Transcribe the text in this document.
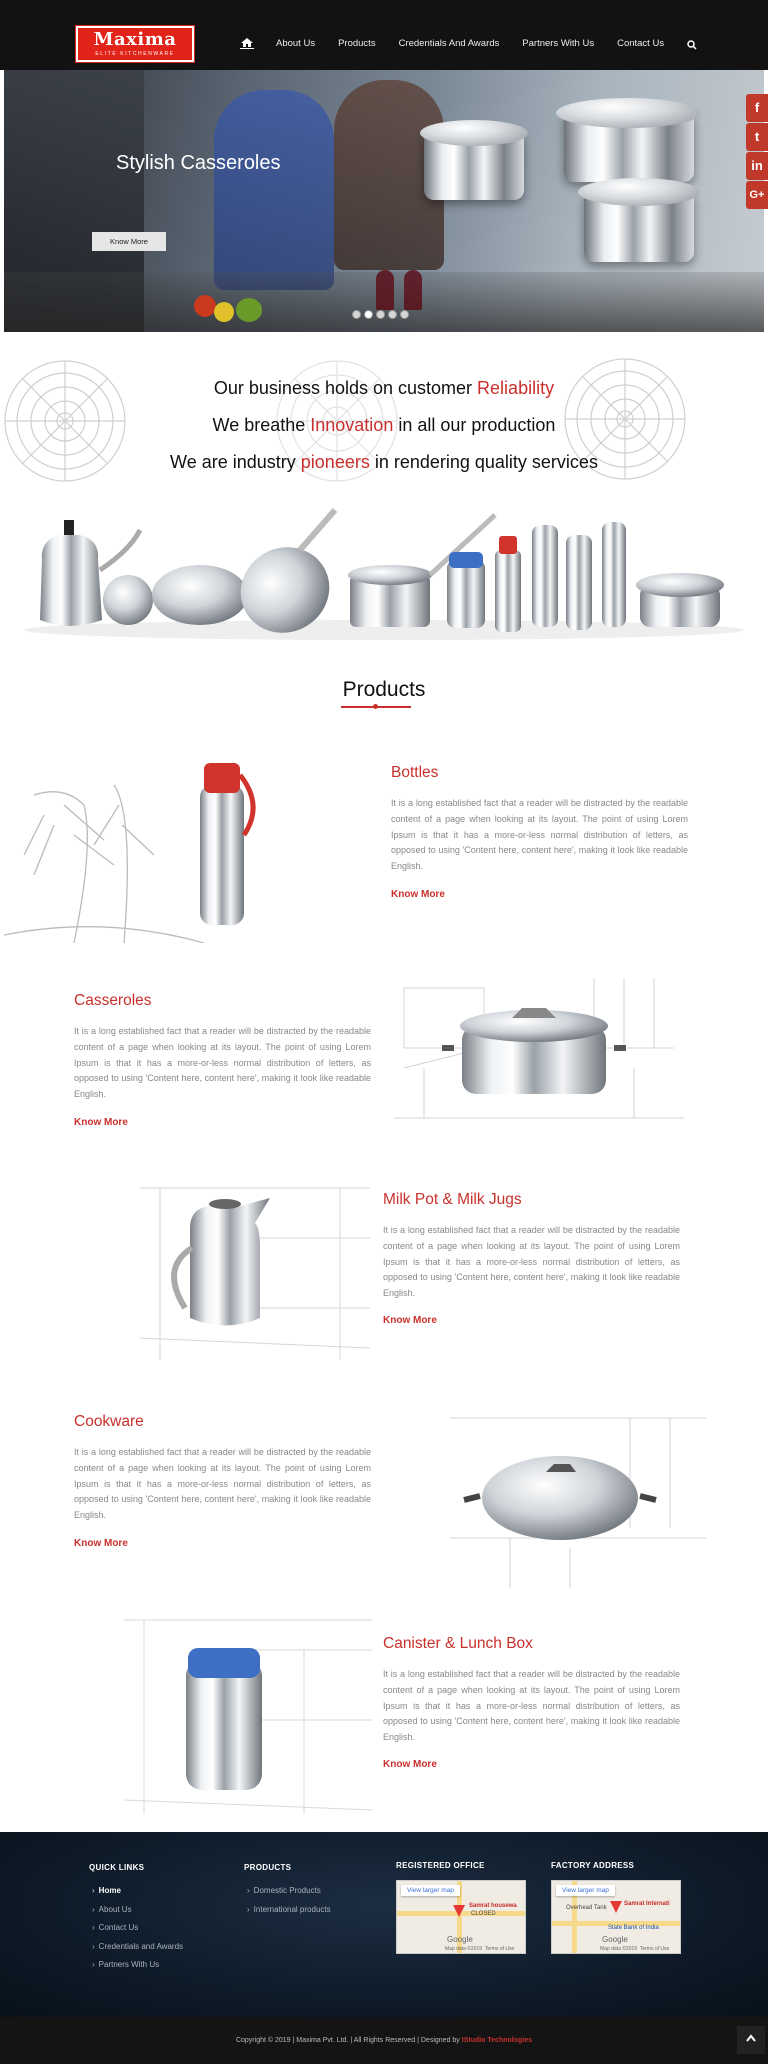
Maxima
ELITE KITCHENWARE
About Us Products Credentials And Awards Partners With Us Contact Us
Stylish Casseroles
Know More
f
t
in
G+
Our business holds on customer Reliability
We breathe Innovation in all our production
We are industry pioneers in rendering quality services
Products
Bottles
It is a long established fact that a reader will be distracted by the readable content of a page when looking at its layout. The point of using Lorem Ipsum is that it has a more-or-less normal distribution of letters, as opposed to using 'Content here, content here', making it look like readable English.
Know More
Casseroles
It is a long established fact that a reader will be distracted by the readable content of a page when looking at its layout. The point of using Lorem Ipsum is that it has a more-or-less normal distribution of letters, as opposed to using 'Content here, content here', making it look like readable English.
Know More
Milk Pot & Milk Jugs
It is a long established fact that a reader will be distracted by the readable content of a page when looking at its layout. The point of using Lorem Ipsum is that it has a more-or-less normal distribution of letters, as opposed to using 'Content here, content here', making it look like readable English.
Know More
Cookware
It is a long established fact that a reader will be distracted by the readable content of a page when looking at its layout. The point of using Lorem Ipsum is that it has a more-or-less normal distribution of letters, as opposed to using 'Content here, content here', making it look like readable English.
Know More
Canister & Lunch Box
It is a long established fact that a reader will be distracted by the readable content of a page when looking at its layout. The point of using Lorem Ipsum is that it has a more-or-less normal distribution of letters, as opposed to using 'Content here, content here', making it look like readable English.
Know More
QUICK LINKS
› Home
› About Us
› Contact Us
› Credentials and Awards
› Partners With Us
PRODUCTS
› Domestic Products
› International products
REGISTERED OFFICE
View larger map
Samrat housewa
CLOSED
Google
Map data ©2019 Terms of Use
FACTORY ADDRESS
View larger map
Samrat Internati
Overhead Tank
State Bank of India
Google
Map data ©2019 Terms of Use
Copyright © 2019 | Maxima Pvt. Ltd. | All Rights Reserved | Designed by IStudio Technologies
